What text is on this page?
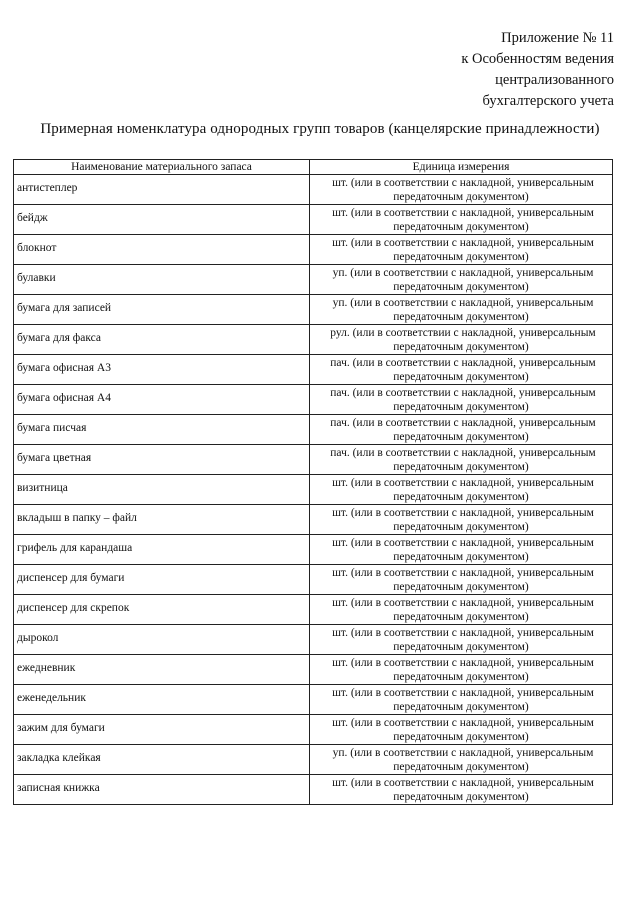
Приложение № 11
к Особенностям ведения
централизованного
бухгалтерского учета
Примерная номенклатура однородных групп товаров (канцелярские принадлежности)
Наименование материального запаса	Единица измерения
антистеплер	шт. (или в соответствии с накладной, универсальным
передаточным документом)

бейдж	шт. (или в соответствии с накладной, универсальным
передаточным документом)

блокнот	шт. (или в соответствии с накладной, универсальным
передаточным документом)

булавки	уп. (или в соответствии с накладной, универсальным
передаточным документом)

бумага для записей	уп. (или в соответствии с накладной, универсальным
передаточным документом)

бумага для факса	рул. (или в соответствии с накладной, универсальным
передаточным документом)

бумага офисная А3	пач. (или в соответствии с накладной, универсальным
передаточным документом)

бумага офисная А4	пач. (или в соответствии с накладной, универсальным
передаточным документом)

бумага писчая	пач. (или в соответствии с накладной, универсальным
передаточным документом)

бумага цветная	пач. (или в соответствии с накладной, универсальным
передаточным документом)

визитница	шт. (или в соответствии с накладной, универсальным
передаточным документом)

вкладыш в папку – файл	шт. (или в соответствии с накладной, универсальным
передаточным документом)

грифель для карандаша	шт. (или в соответствии с накладной, универсальным
передаточным документом)

диспенсер для бумаги	шт. (или в соответствии с накладной, универсальным
передаточным документом)

диспенсер для скрепок	шт. (или в соответствии с накладной, универсальным
передаточным документом)

дырокол	шт. (или в соответствии с накладной, универсальным
передаточным документом)

ежедневник	шт. (или в соответствии с накладной, универсальным
передаточным документом)

еженедельник	шт. (или в соответствии с накладной, универсальным
передаточным документом)

зажим для бумаги	шт. (или в соответствии с накладной, универсальным
передаточным документом)

закладка клейкая	уп. (или в соответствии с накладной, универсальным
передаточным документом)

записная книжка	шт. (или в соответствии с накладной, универсальным
передаточным документом)
